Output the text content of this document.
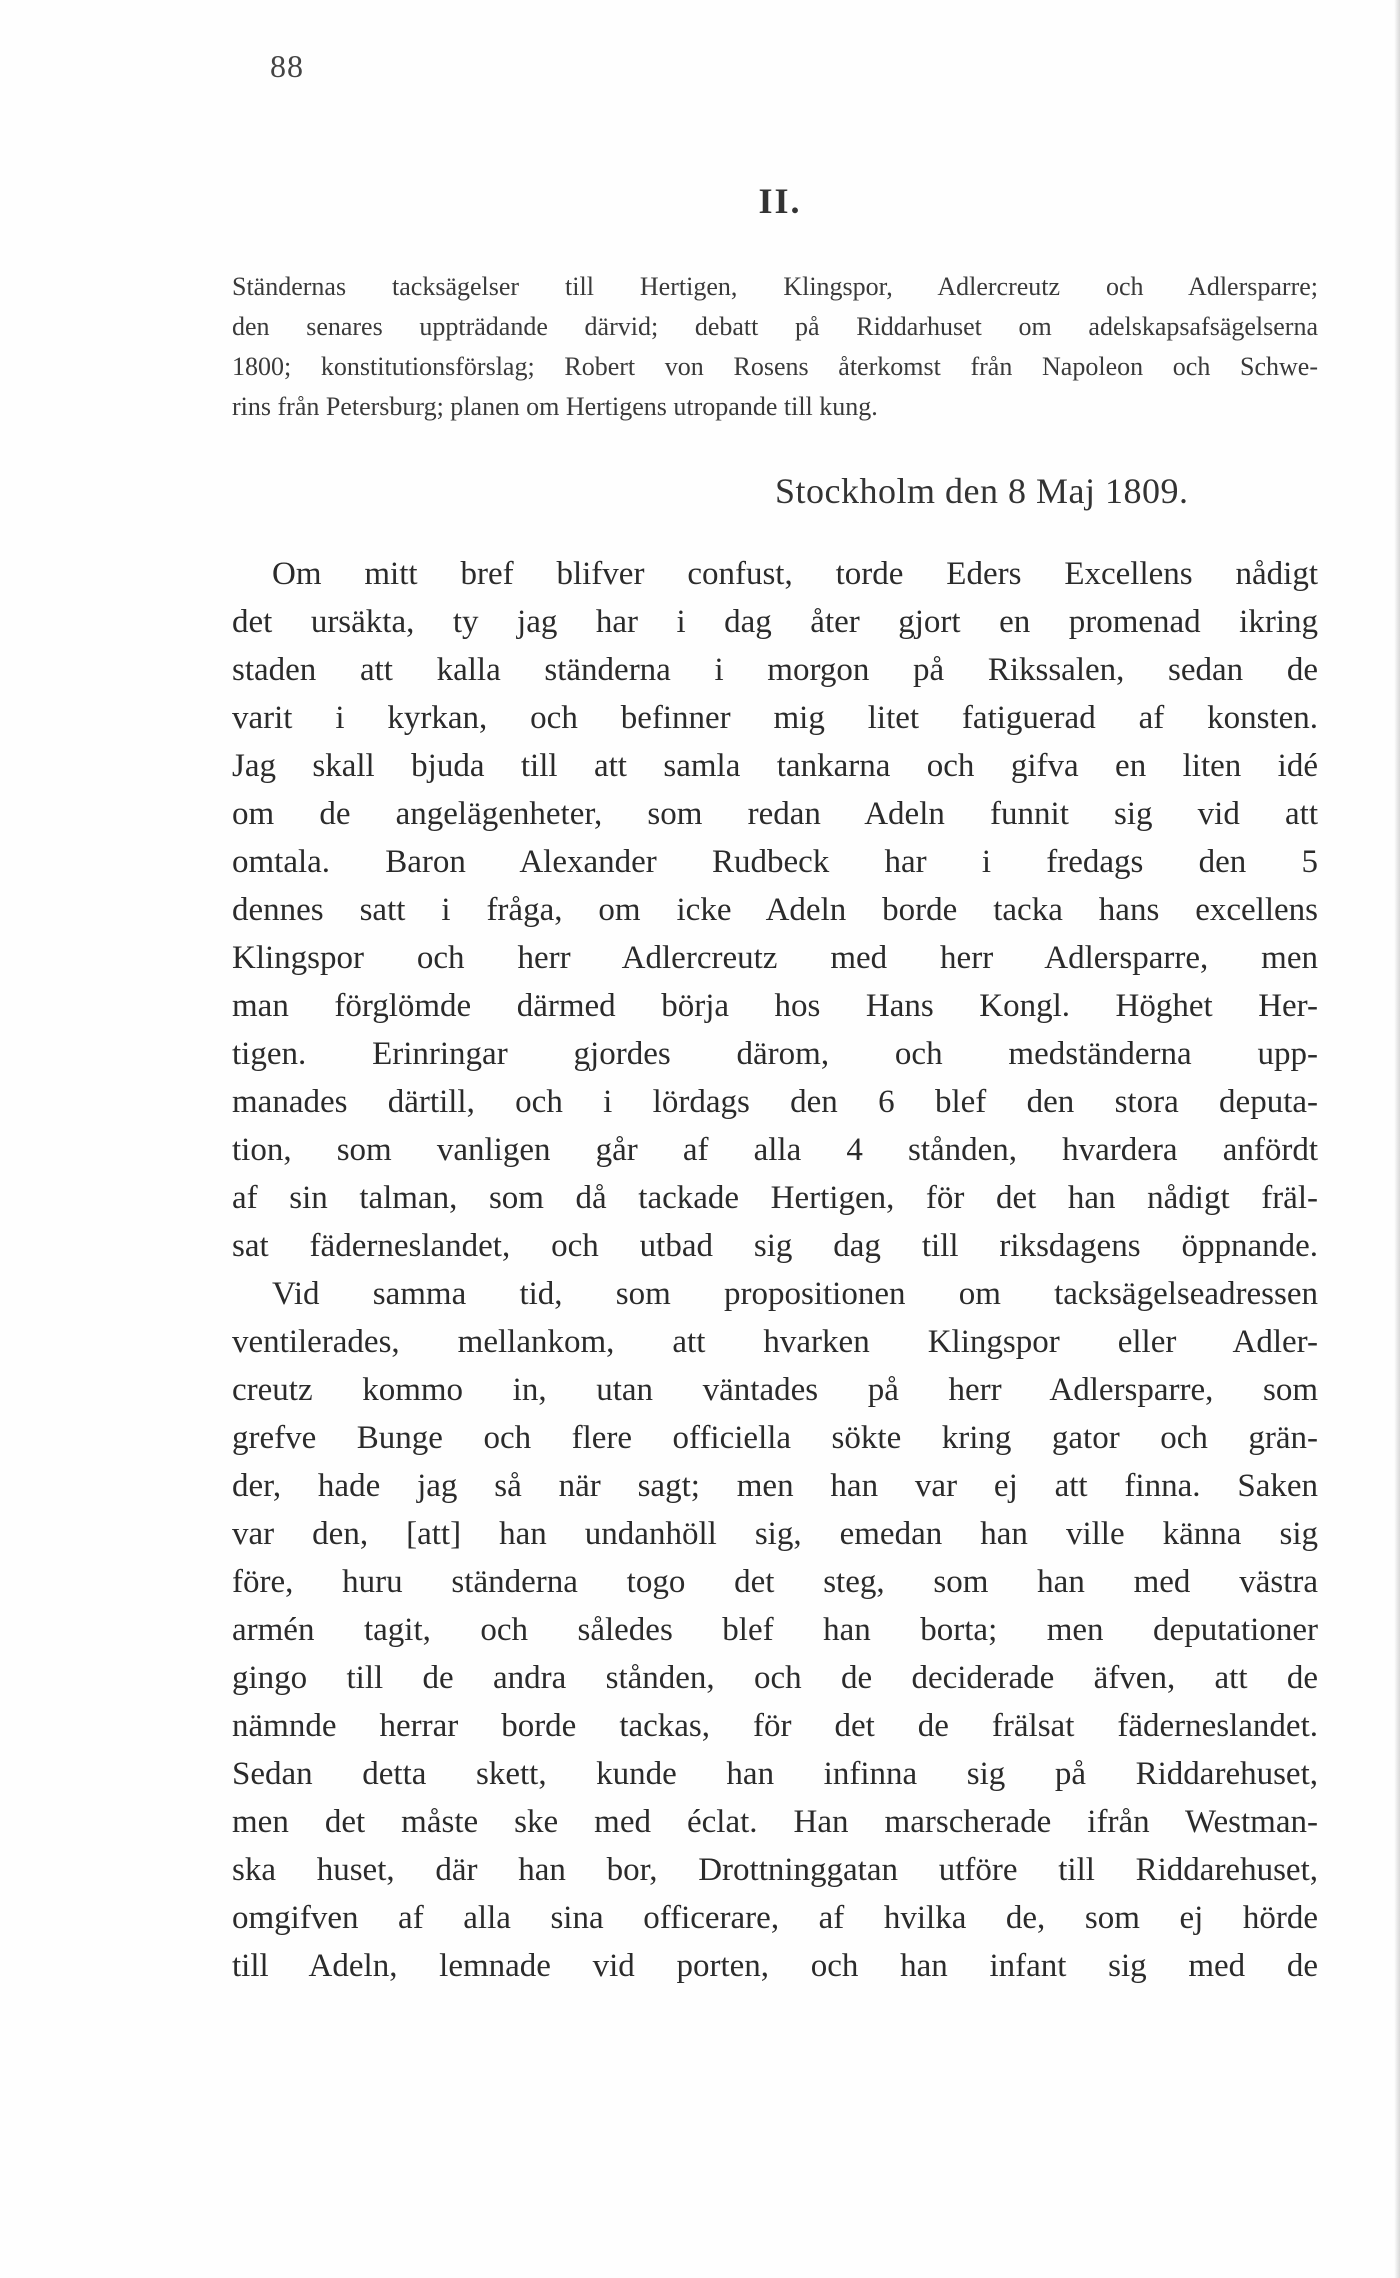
88
II.
Ständernas tacksägelser till Hertigen, Klingspor, Adlercreutz och Adlersparre;
den senares uppträdande därvid; debatt på Riddarhuset om adelskapsafsägelserna
1800; konstitutionsförslag; Robert von Rosens återkomst från Napoleon och Schwe-
rins från Petersburg; planen om Hertigens utropande till kung.
Stockholm den 8 Maj 1809.
Om mitt bref blifver confust, torde Eders Excellens nådigt
det ursäkta, ty jag har i dag åter gjort en promenad ikring
staden att kalla ständerna i morgon på Rikssalen, sedan de
varit i kyrkan, och befinner mig litet fatiguerad af konsten.
Jag skall bjuda till att samla tankarna och gifva en liten idé
om de angelägenheter, som redan Adeln funnit sig vid att
omtala. Baron Alexander Rudbeck har i fredags den 5
dennes satt i fråga, om icke Adeln borde tacka hans excellens
Klingspor och herr Adlercreutz med herr Adlersparre, men
man förglömde därmed börja hos Hans Kongl. Höghet Her-
tigen. Erinringar gjordes därom, och medständerna upp-
manades därtill, och i lördags den 6 blef den stora deputa-
tion, som vanligen går af alla 4 stånden, hvardera anfördt
af sin talman, som då tackade Hertigen, för det han nådigt fräl-
sat fäderneslandet, och utbad sig dag till riksdagens öppnande.
Vid samma tid, som propositionen om tacksägelseadressen
ventilerades, mellankom, att hvarken Klingspor eller Adler-
creutz kommo in, utan väntades på herr Adlersparre, som
grefve Bunge och flere officiella sökte kring gator och grän-
der, hade jag så när sagt; men han var ej att finna. Saken
var den, [att] han undanhöll sig, emedan han ville känna sig
före, huru ständerna togo det steg, som han med västra
armén tagit, och således blef han borta; men deputationer
gingo till de andra stånden, och de deciderade äfven, att de
nämnde herrar borde tackas, för det de frälsat fäderneslandet.
Sedan detta skett, kunde han infinna sig på Riddarehuset,
men det måste ske med éclat. Han marscherade ifrån Westman-
ska huset, där han bor, Drottninggatan utföre till Riddarehuset,
omgifven af alla sina officerare, af hvilka de, som ej hörde
till Adeln, lemnade vid porten, och han infant sig med de
